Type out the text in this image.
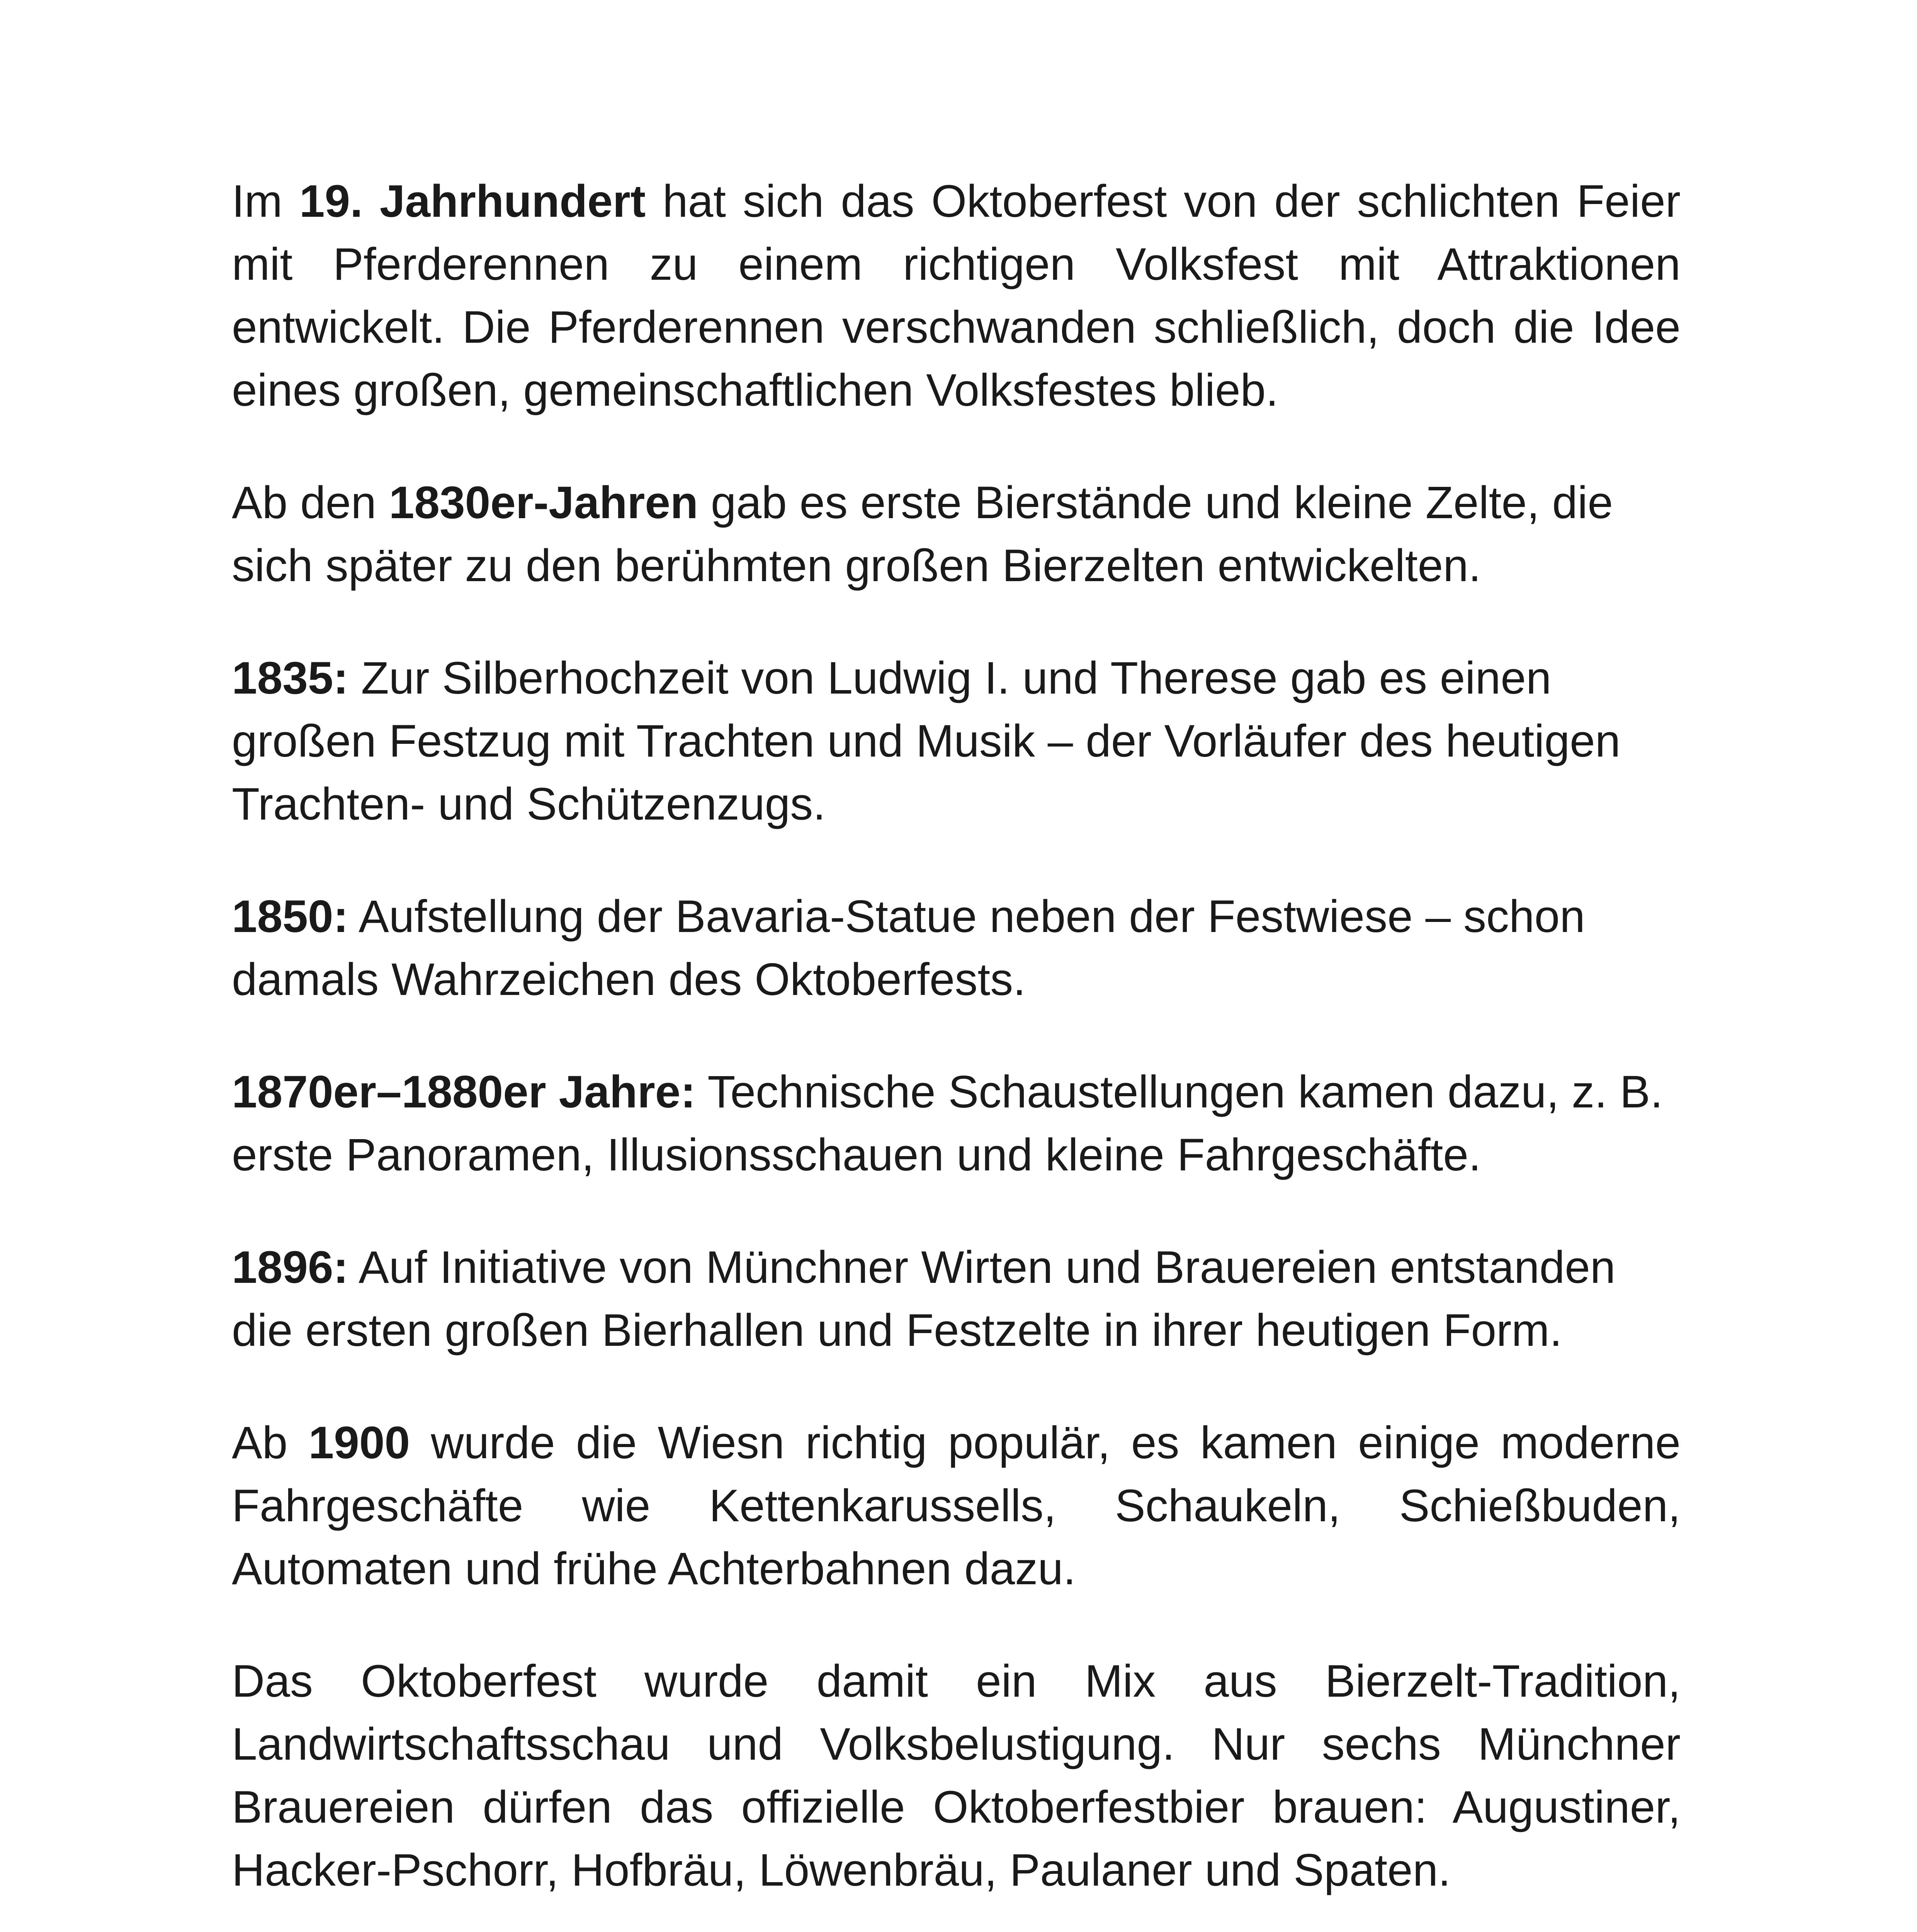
Im 19. Jahrhundert hat sich das Oktoberfest von der schlichten Feier mit Pferderennen zu einem richtigen Volksfest mit Attraktionen entwickelt. Die Pferderennen verschwanden schließlich, doch die Idee eines großen, gemeinschaftlichen Volksfestes blieb.

Ab den 1830er-Jahren gab es erste Bierstände und kleine Zelte, die sich später zu den berühmten großen Bierzelten entwickelten.

1835: Zur Silberhochzeit von Ludwig I. und Therese gab es einen großen Festzug mit Trachten und Musik – der Vorläufer des heutigen Trachten- und Schützenzugs.

1850: Aufstellung der Bavaria-Statue neben der Festwiese – schon damals Wahrzeichen des Oktoberfests.

1870er–1880er Jahre: Technische Schaustellungen kamen dazu, z. B. erste Panoramen, Illusionsschauen und kleine Fahrgeschäfte.

1896: Auf Initiative von Münchner Wirten und Brauereien entstanden die ersten großen Bierhallen und Festzelte in ihrer heutigen Form.

Ab 1900 wurde die Wiesn richtig populär, es kamen einige moderne Fahrgeschäfte wie Kettenkarussells, Schaukeln, Schießbuden, Automaten und frühe Achterbahnen dazu.

Das Oktoberfest wurde damit ein Mix aus Bierzelt-Tradition, Landwirtschaftsschau und Volksbelustigung. Nur sechs Münchner Brauereien dürfen das offizielle Oktoberfestbier brauen: Augustiner, Hacker-Pschorr, Hofbräu, Löwenbräu, Paulaner und Spaten.
